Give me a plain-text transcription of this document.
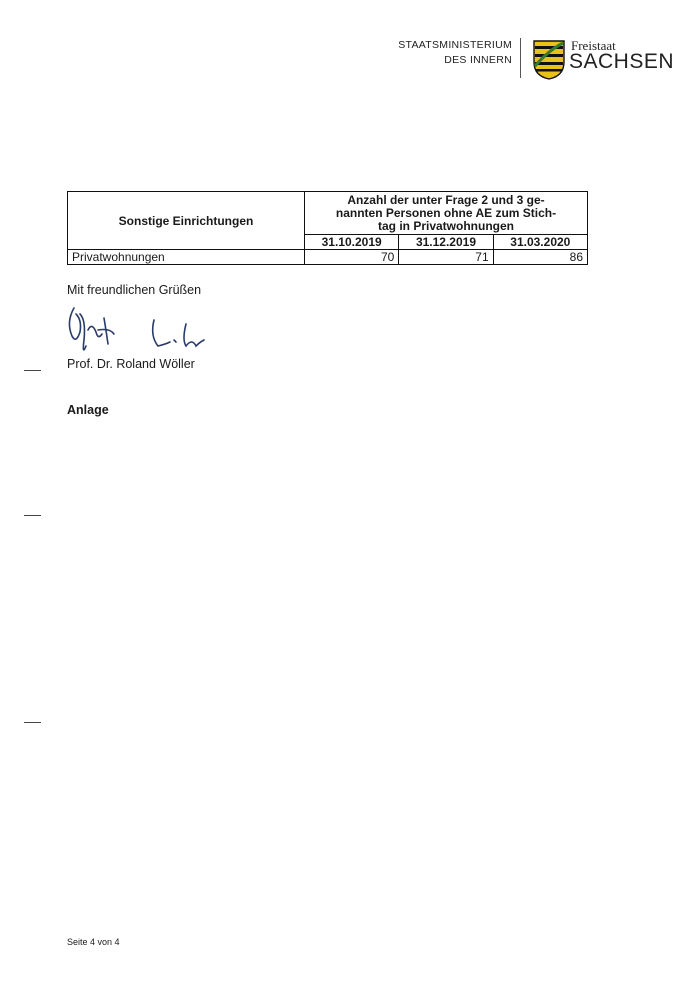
STAATSMINISTERIUM
DES INNERN
Freistaat
SACHSEN
Sonstige Einrichtungen	Anzahl der unter Frage 2 und 3 ge-
nannten Personen ohne AE zum Stich-
tag in Privatwohnungen		

	31.10.2019	31.12.2019	31.03.2020
Privatwohnungen	70	71	86
Mit freundlichen Grüßen
Prof. Dr. Roland Wöller
Anlage
Seite 4 von 4
